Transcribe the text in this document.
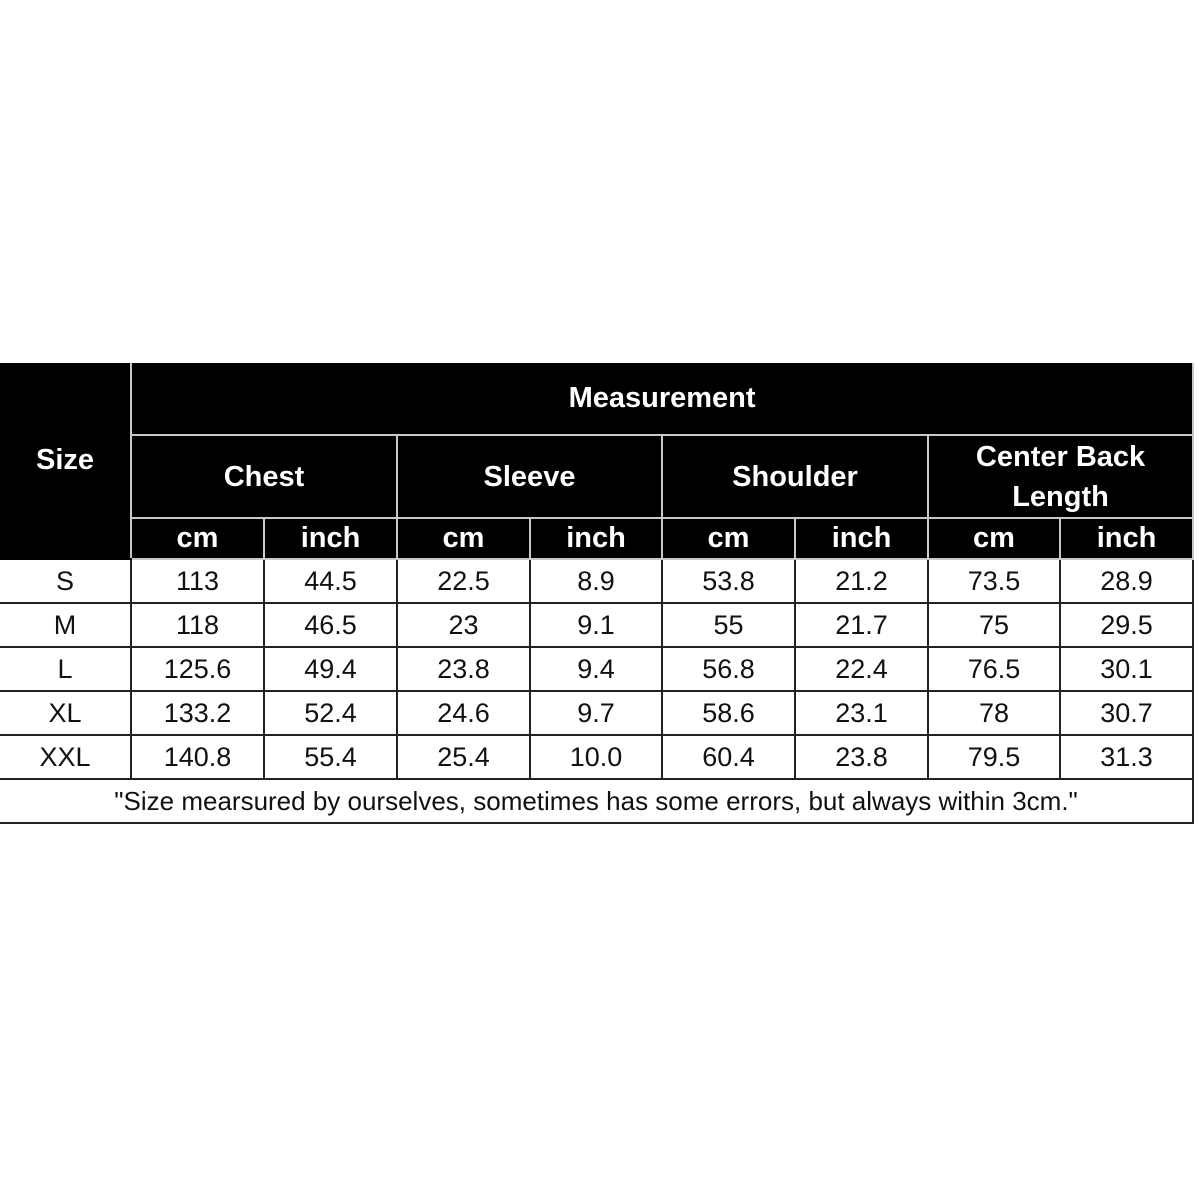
Size	Measurement							
	Chest		Sleeve		Shoulder		Center Back Length	
	cm	inch	cm	inch	cm	inch	cm	inch
S	113	44.5	22.5	8.9	53.8	21.2	73.5	28.9
M	118	46.5	23	9.1	55	21.7	75	29.5
L	125.6	49.4	23.8	9.4	56.8	22.4	76.5	30.1
XL	133.2	52.4	24.6	9.7	58.6	23.1	78	30.7
XXL	140.8	55.4	25.4	10.0	60.4	23.8	79.5	31.3
"Size mearsured by ourselves, sometimes has some errors, but always within 3cm."								
